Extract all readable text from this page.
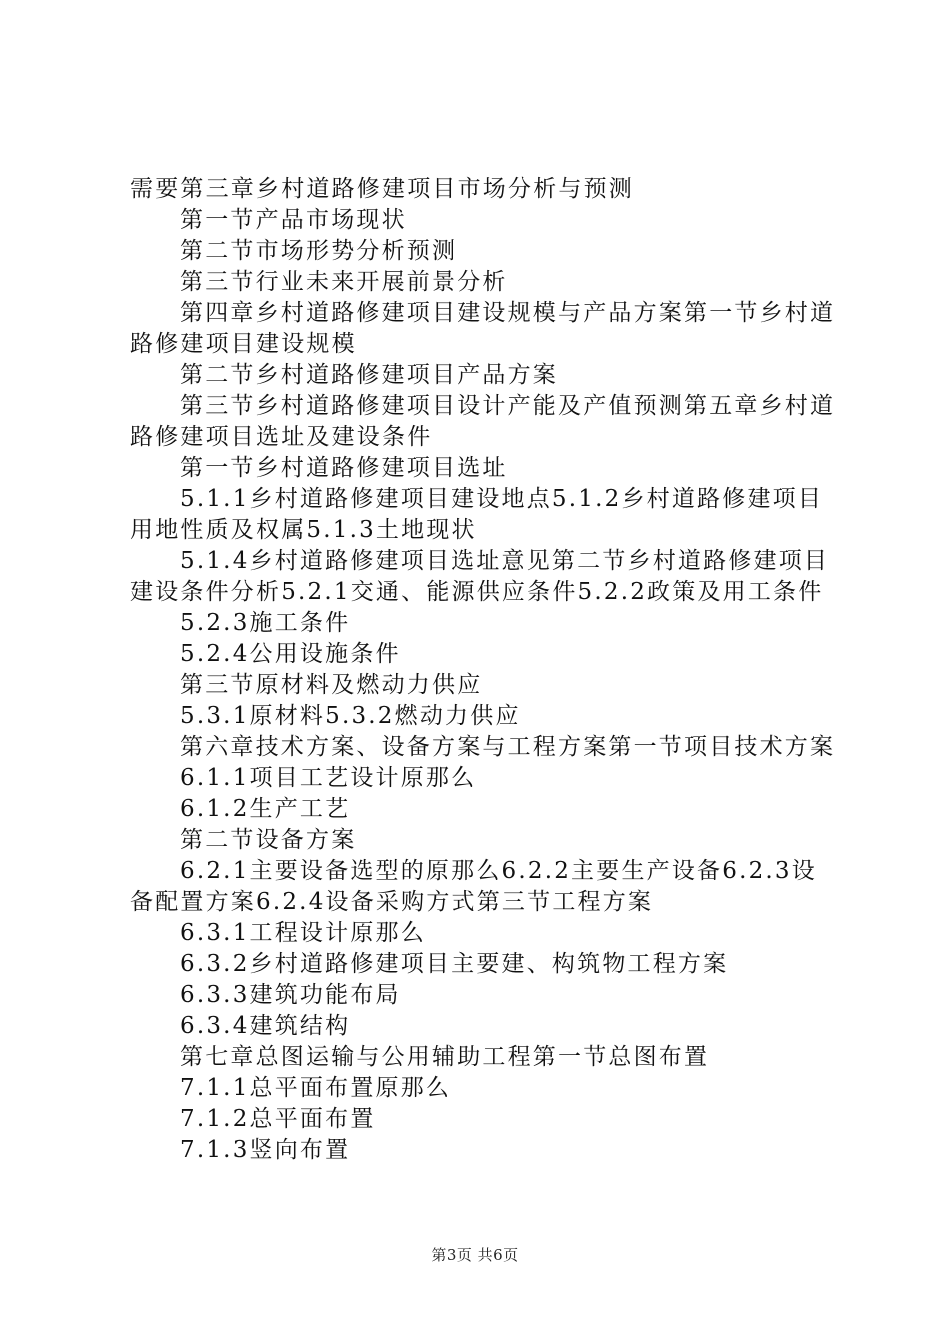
需要第三章乡村道路修建项目市场分析与预测

第一节产品市场现状

第二节市场形势分析预测

第三节行业未来开展前景分析

第四章乡村道路修建项目建设规模与产品方案第一节乡村道路修建项目建设规模

第二节乡村道路修建项目产品方案

第三节乡村道路修建项目设计产能及产值预测第五章乡村道路修建项目选址及建设条件

第一节乡村道路修建项目选址

5.1.1乡村道路修建项目建设地点5.1.2乡村道路修建项目用地性质及权属5.1.3土地现状

5.1.4乡村道路修建项目选址意见第二节乡村道路修建项目建设条件分析5.2.1交通、能源供应条件5.2.2政策及用工条件

5.2.3施工条件

5.2.4公用设施条件

第三节原材料及燃动力供应

5.3.1原材料5.3.2燃动力供应

第六章技术方案、设备方案与工程方案第一节项目技术方案

6.1.1项目工艺设计原那么

6.1.2生产工艺

第二节设备方案

6.2.1主要设备选型的原那么6.2.2主要生产设备6.2.3设备配置方案6.2.4设备采购方式第三节工程方案

6.3.1工程设计原那么

6.3.2乡村道路修建项目主要建、构筑物工程方案

6.3.3建筑功能布局

6.3.4建筑结构

第七章总图运输与公用辅助工程第一节总图布置

7.1.1总平面布置原那么

7.1.2总平面布置

7.1.3竖向布置

第3页 共6页
